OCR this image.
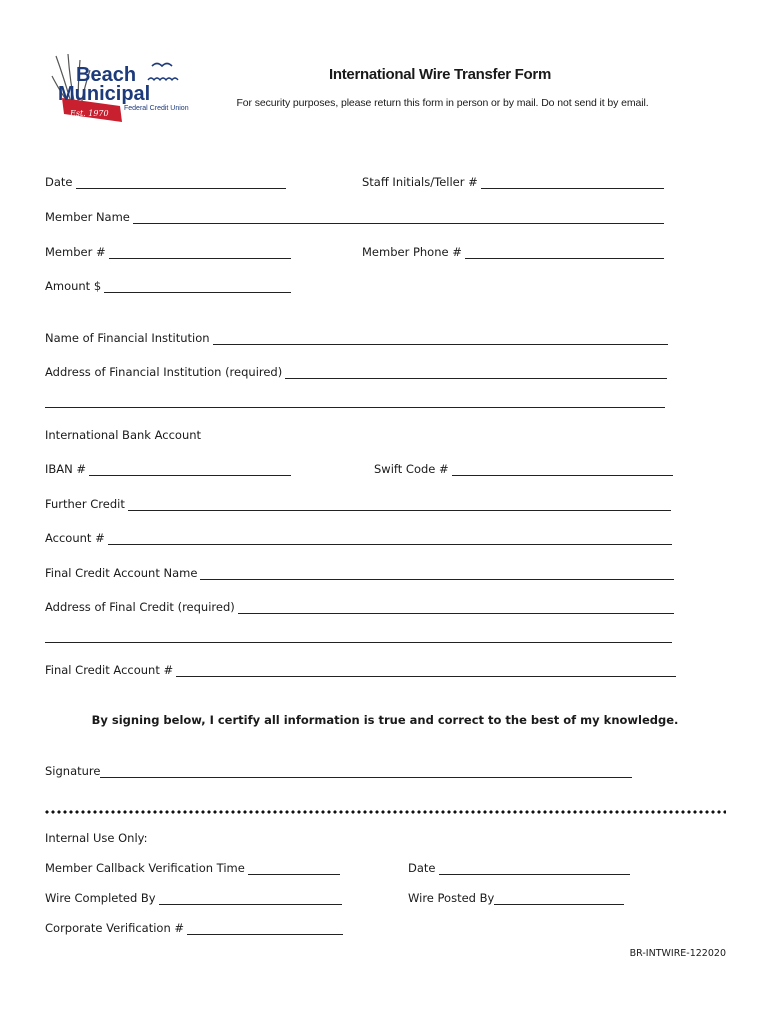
Beach
Municipal
Federal Credit Union
Est. 1970
International Wire Transfer Form
For security purposes, please return this form in person or by mail. Do not send it by email.
Date	Staff Initials/Teller #
Member Name
Member #	Member Phone #
Amount $
Name of Financial Institution
Address of Financial Institution (required)
International Bank Account
IBAN #	Swift Code #
Further Credit
Account #
Final Credit Account Name
Address of Final Credit (required)
Final Credit Account #
By signing below, I certify all information is true and correct to the best of my knowledge.
Signature
Internal Use Only:
Member Callback Verification Time	Date
Wire Completed By	Wire Posted By
Corporate Verification #
BR-INTWIRE-122020
